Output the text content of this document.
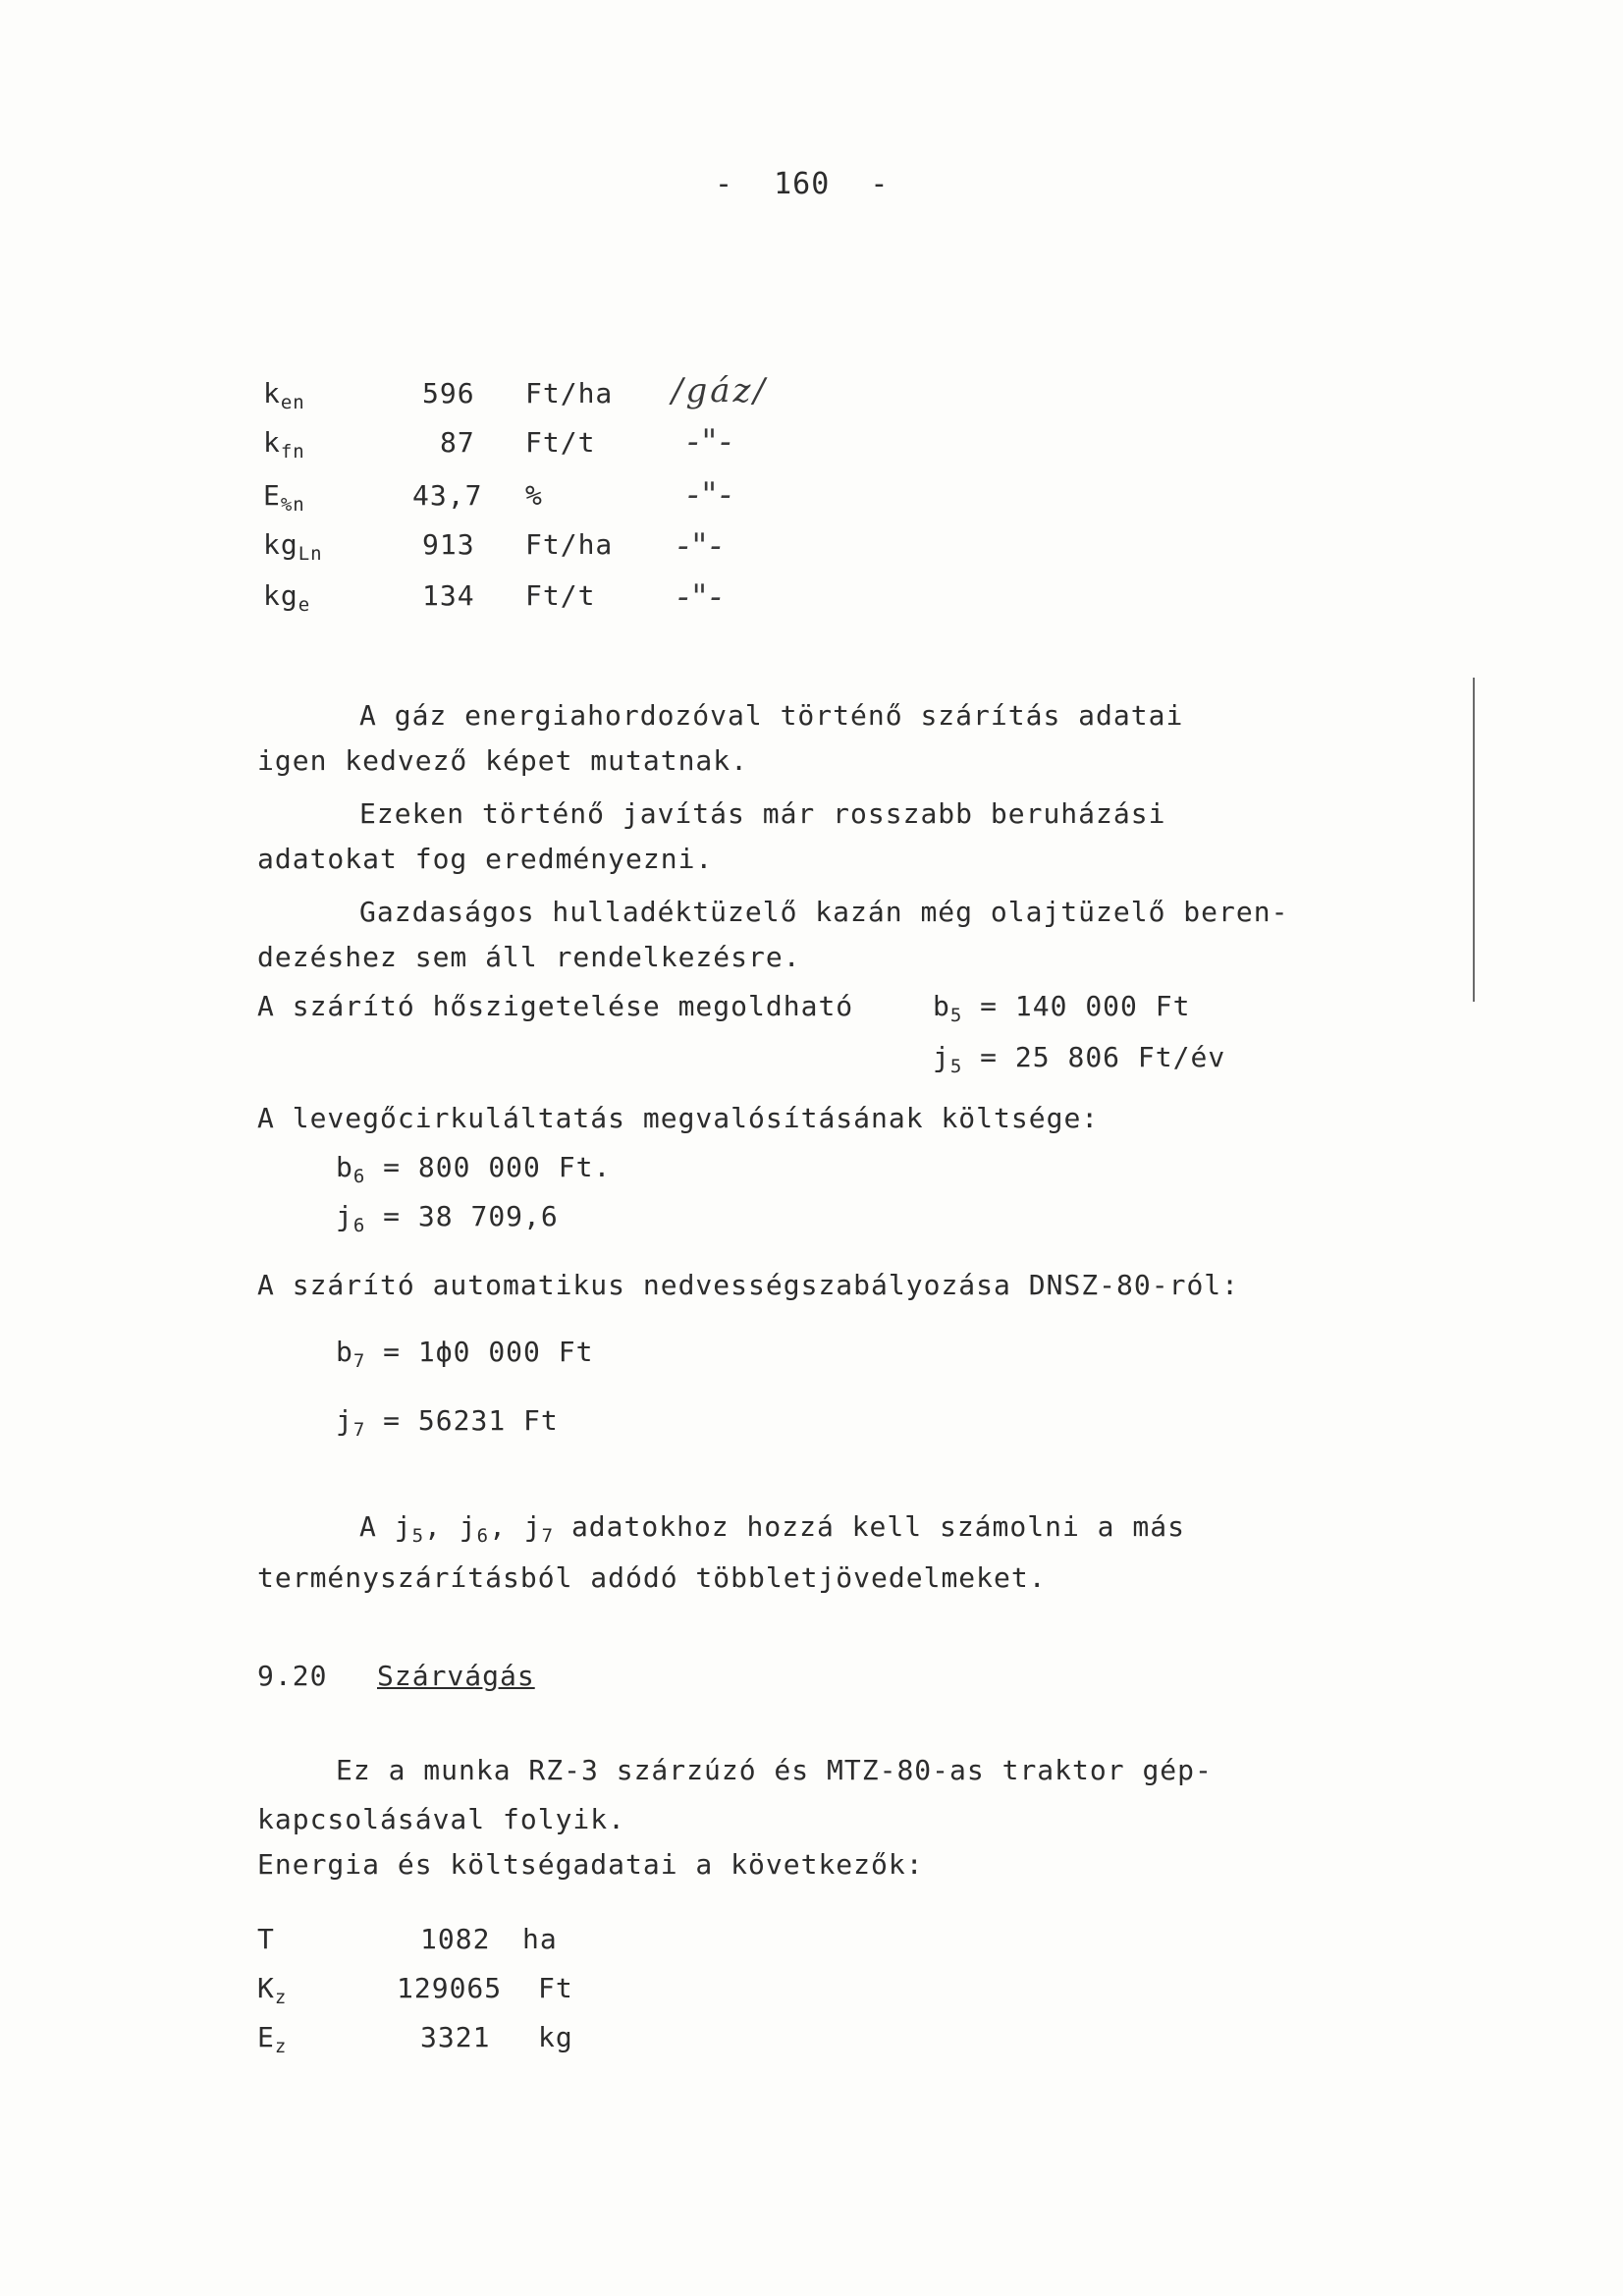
- 160 -
$k_{en}$	596 Ft/ha /gáz/
$k_{fn}$	87 Ft/t	-"-
$E_{\%n}$	43,7 %	-"-
$kg_{Ln}$	913 Ft/ha -"-
$kg_e$	134 Ft/t -"-
A gáz energiahordozóval történő szárítás adatai
igen kedvező képet mutatnak.
Ezeken történő javítás már rosszabb beruházási
adatokat fog eredményezni.
Gazdaságos hulladéktüzelő kazán még olajtüzelő beren-
dezéshez sem áll rendelkezésre.
A szárító hőszigetelése megoldható	$b_5 = 140$ 000 Ft
$j_5 = 25$ 806 Ft/év
A levegőcirkuláltatás megvalósításának költsége:
$b_6 = 800$ 000 Ft.
$j_6 = 38$ 709,6
A szárító automatikus nedvességszabályozása DNSZ-80-ról:
$b_7 = 1ф0$ 000 Ft
$j_7 = 56231$ Ft
A $j_5$, $j_6$, $j_7$ adatokhoz hozzá kell számolni a más
terményszárításból adódó többletjövedelmeket.
9.20 Szárvágás
Ez a munka RZ-3 szárzúzó és MTZ-80-as traktor gép-
kapcsolásával folyik.
Energia és költségadatai a következők:
T	1082 ha
$K_z$	129065 Ft
$E_z$	3321 kg
